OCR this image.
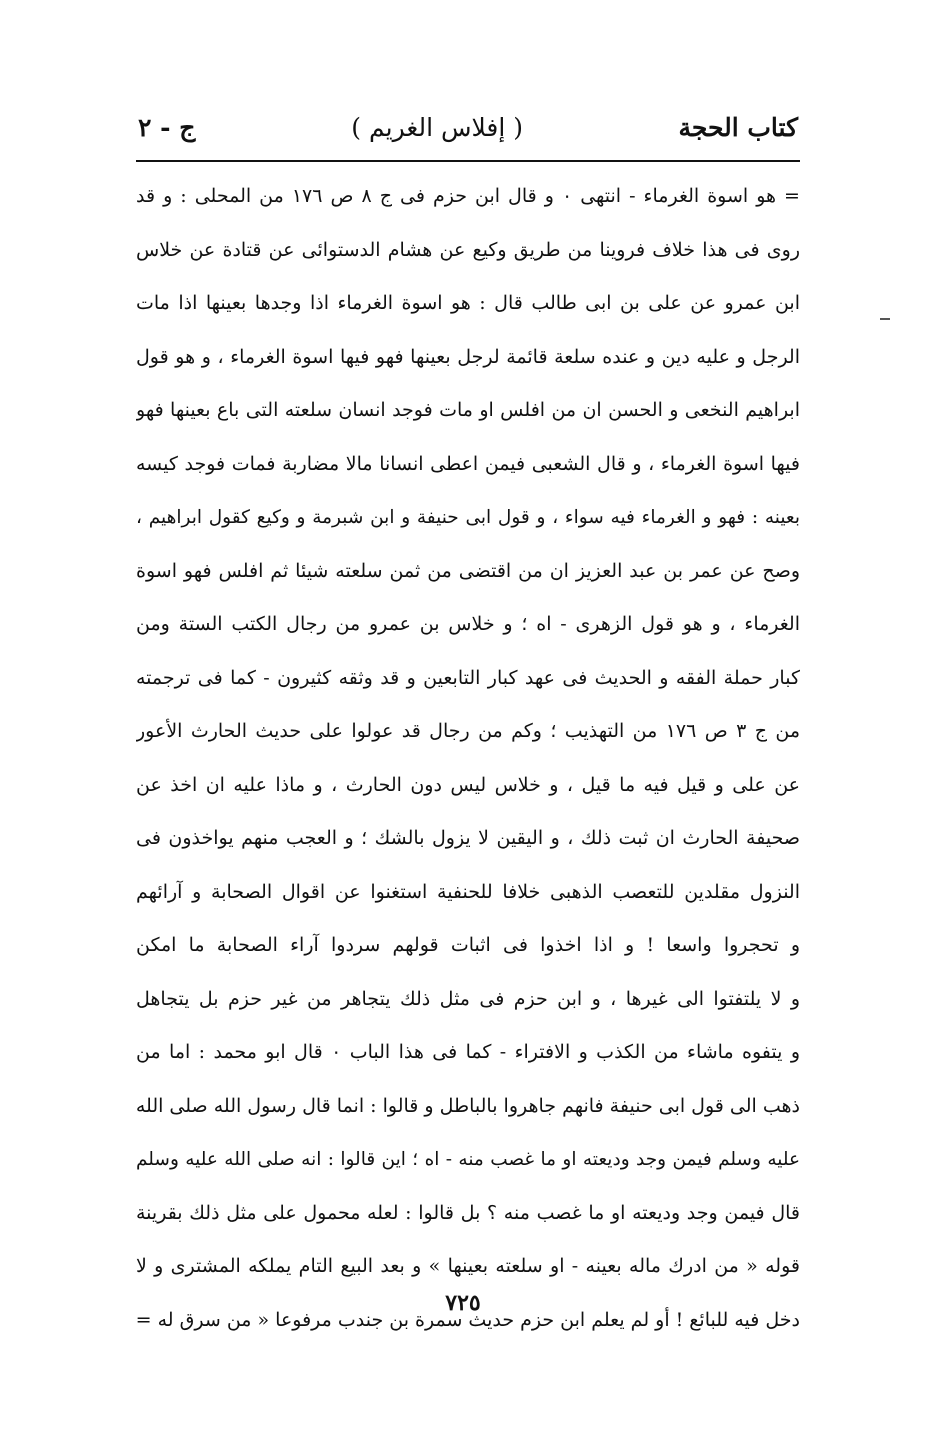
كتاب الحجة
( إفلاس الغريم )
ج - ٢
= هو اسوة الغرماء - انتهى ٠ و قال ابن حزم فى ج ٨ ص ١٧٦ من المحلى : و قد
روى فى هذا خلاف فروينا من طريق وكيع عن هشام الدستوائى عن قتادة عن خلاس
ابن عمرو عن على بن ابى طالب قال : هو اسوة الغرماء اذا وجدها بعينها اذا مات
الرجل و عليه دين و عنده سلعة قائمة لرجل بعينها فهو فيها اسوة الغرماء ، و هو قول
ابراهيم النخعى و الحسن ان من افلس او مات فوجد انسان سلعته التى باع بعينها فهو
فيها اسوة الغرماء ، و قال الشعبى فيمن اعطى انسانا مالا مضاربة فمات فوجد كيسه
بعينه : فهو و الغرماء فيه سواء ، و قول ابى حنيفة و ابن شبرمة و وكيع كقول ابراهيم ،
وصح عن عمر بن عبد العزيز ان من اقتضى من ثمن سلعته شيئا ثم افلس فهو اسوة
الغرماء ، و هو قول الزهرى - اه ؛ و خلاس بن عمرو من رجال الكتب الستة ومن
كبار حملة الفقه و الحديث فى عهد كبار التابعين و قد وثقه كثيرون - كما فى ترجمته
من ج ٣ ص ١٧٦ من التهذيب ؛ وكم من رجال قد عولوا على حديث الحارث الأعور
عن على و قيل فيه ما قيل ، و خلاس ليس دون الحارث ، و ماذا عليه ان اخذ عن
صحيفة الحارث ان ثبت ذلك ، و اليقين لا يزول بالشك ؛ و العجب منهم يواخذون فى
النزول مقلدين للتعصب الذهبى خلافا للحنفية استغنوا عن اقوال الصحابة و آرائهم
و تحجروا واسعا ! و اذا اخذوا فى اثبات قولهم سردوا آراء الصحابة ما امكن
و لا يلتفتوا الى غيرها ، و ابن حزم فى مثل ذلك يتجاهر من غير حزم بل يتجاهل
و يتفوه ماشاء من الكذب و الافتراء - كما فى هذا الباب ٠ قال ابو محمد : اما من
ذهب الى قول ابى حنيفة فانهم جاهروا بالباطل و قالوا : انما قال رسول الله صلى الله
عليه وسلم فيمن وجد وديعته او ما غصب منه - اه ؛ اين قالوا : انه صلى الله عليه وسلم
قال فيمن وجد وديعته او ما غصب منه ؟ بل قالوا : لعله محمول على مثل ذلك بقرينة
قوله « من ادرك ماله بعينه - او سلعته بعينها » و بعد البيع التام يملكه المشترى و لا
دخل فيه للبائع ! أو لم يعلم ابن حزم حديث سمرة بن جندب مرفوعا « من سرق له =
٧٢٥
